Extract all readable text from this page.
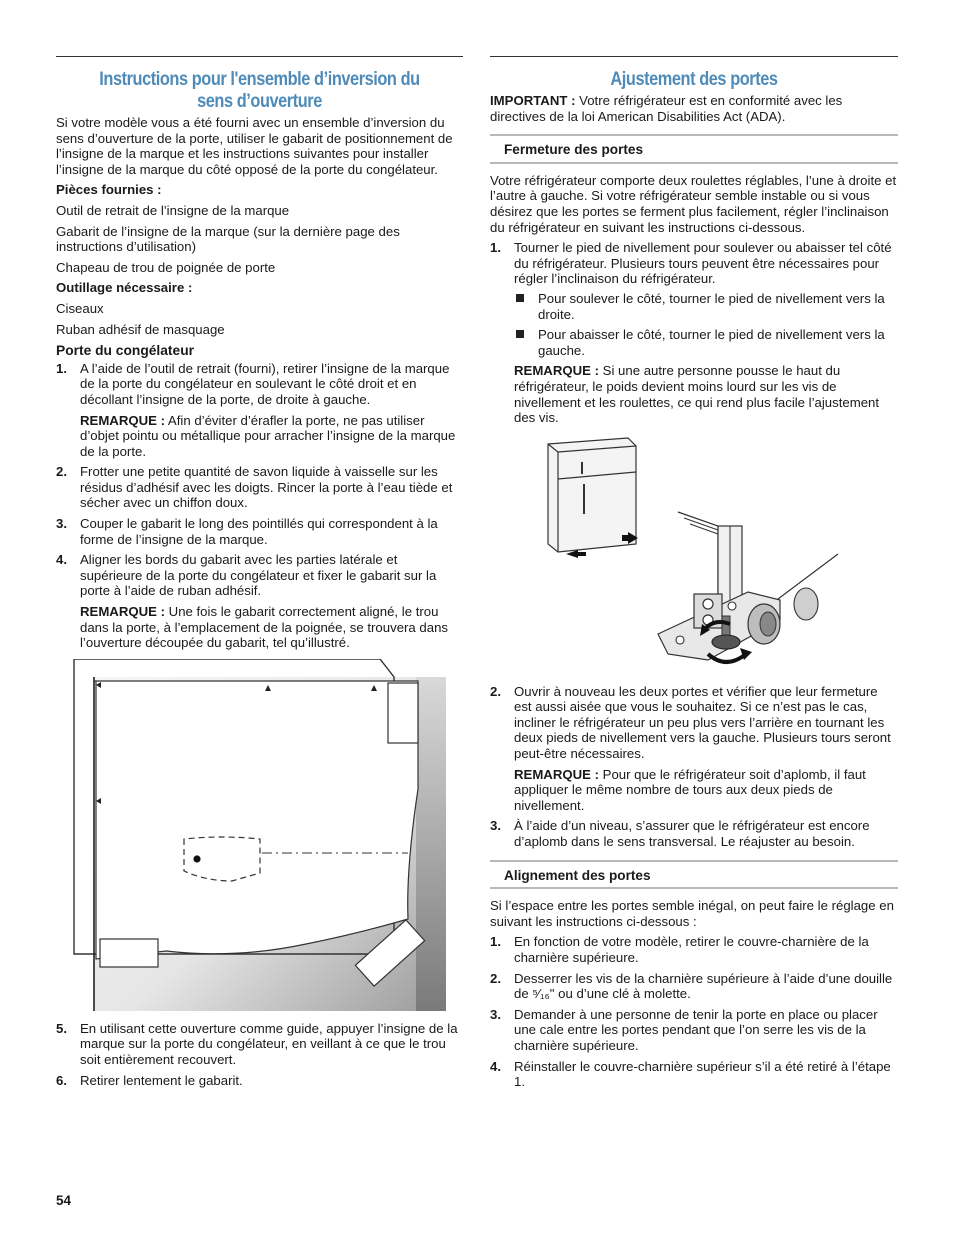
Instructions pour l'ensemble d’inversion du sens d’ouverture

Si votre modèle vous a été fourni avec un ensemble d’inversion du sens d’ouverture de la porte, utiliser le gabarit de positionnement de l’insigne de la marque et les instructions suivantes pour installer l’insigne de la marque du côté opposé de la porte du congélateur.

Pièces fournies :

Outil de retrait de l’insigne de la marque

Gabarit de l’insigne de la marque (sur la dernière page des instructions d’utilisation)

Chapeau de trou de poignée de porte

Outillage nécessaire :

Ciseaux

Ruban adhésif de masquage

Porte du congélateur
1. A l’aide de l’outil de retrait (fourni), retirer l’insigne de la marque de la porte du congélateur en soulevant le côté droit et en décollant l’insigne de la porte, de droite à gauche.
REMARQUE : Afin d’éviter d’érafler la porte, ne pas utiliser d’objet pointu ou métallique pour arracher l’insigne de la marque de la porte.
2. Frotter une petite quantité de savon liquide à vaisselle sur les résidus d’adhésif avec les doigts. Rincer la porte à l’eau tiède et sécher avec un chiffon doux.
3. Couper le gabarit le long des pointillés qui correspondent à la forme de l’insigne de la marque.
4. Aligner les bords du gabarit avec les parties latérale et supérieure de la porte du congélateur et fixer le gabarit sur la porte à l’aide de ruban adhésif.
REMARQUE : Une fois le gabarit correctement aligné, le trou dans la porte, à l’emplacement de la poignée, se trouvera dans l’ouverture découpée du gabarit, tel qu’illustré.
5. En utilisant cette ouverture comme guide, appuyer l’insigne de la marque sur la porte du congélateur, en veillant à ce que le trou soit entièrement recouvert.
6. Retirer lentement le gabarit.
Ajustement des portes

IMPORTANT : Votre réfrigérateur est en conformité avec les directives de la loi American Disabilities Act (ADA).

Fermeture des portes

Votre réfrigérateur comporte deux roulettes réglables, l’une à droite et l’autre à gauche. Si votre réfrigérateur semble instable ou si vous désirez que les portes se ferment plus facilement, régler l’inclinaison du réfrigérateur en suivant les instructions ci-dessous.

1. Tourner le pied de nivellement pour soulever ou abaisser tel côté du réfrigérateur. Plusieurs tours peuvent être nécessaires pour régler l’inclinaison du réfrigérateur.
Pour soulever le côté, tourner le pied de nivellement vers la droite.
Pour abaisser le côté, tourner le pied de nivellement vers la gauche.
REMARQUE : Si une autre personne pousse le haut du réfrigérateur, le poids devient moins lourd sur les vis de nivellement et les roulettes, ce qui rend plus facile l’ajustement des vis.
2. Ouvrir à nouveau les deux portes et vérifier que leur fermeture est aussi aisée que vous le souhaitez. Si ce n’est pas le cas, incliner le réfrigérateur un peu plus vers l’arrière en tournant les deux pieds de nivellement vers la gauche. Plusieurs tours seront peut-être nécessaires.
REMARQUE : Pour que le réfrigérateur soit d’aplomb, il faut appliquer le même nombre de tours aux deux pieds de nivellement.
3. À l’aide d’un niveau, s’assurer que le réfrigérateur est encore d’aplomb dans le sens transversal. Le réajuster au besoin.
Alignement des portes

Si l’espace entre les portes semble inégal, on peut faire le réglage en suivant les instructions ci-dessous :

1. En fonction de votre modèle, retirer le couvre-charnière de la charnière supérieure.
2. Desserrer les vis de la charnière supérieure à l’aide d’une douille de ⁵⁄₁₆" ou d’une clé à molette.
3. Demander à une personne de tenir la porte en place ou placer une cale entre les portes pendant que l’on serre les vis de la charnière supérieure.
4. Réinstaller le couvre-charnière supérieur s’il a été retiré à l’étape 1.
54
